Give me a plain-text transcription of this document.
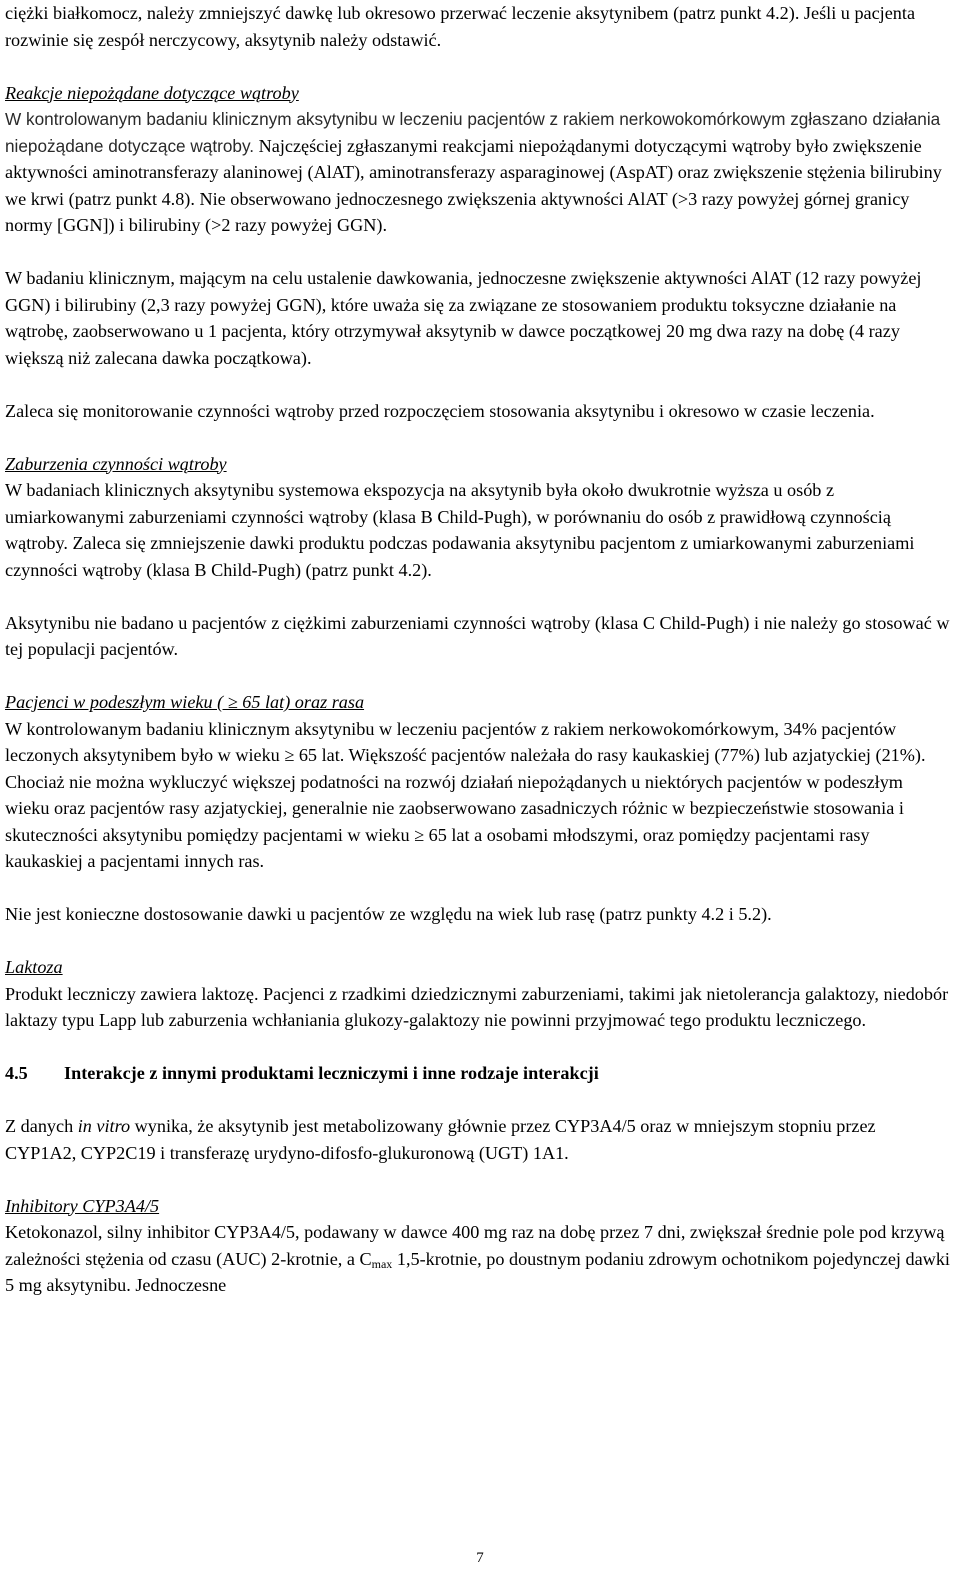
ciężki białkomocz, należy zmniejszyć dawkę lub okresowo przerwać leczenie aksytynibem (patrz punkt 4.2). Jeśli u pacjenta rozwinie się zespół nerczycowy, aksytynib należy odstawić.

Reakcje niepożądane dotyczące wątroby
W kontrolowanym badaniu klinicznym aksytynibu w leczeniu pacjentów z rakiem nerkowokomórkowym zgłaszano działania niepożądane dotyczące wątroby. Najczęściej zgłaszanymi reakcjami niepożądanymi dotyczącymi wątroby było zwiększenie aktywności aminotransferazy alaninowej (AlAT), aminotransferazy asparaginowej (AspAT) oraz zwiększenie stężenia bilirubiny we krwi (patrz punkt 4.8). Nie obserwowano jednoczesnego zwiększenia aktywności AlAT (>3 razy powyżej górnej granicy normy [GGN]) i bilirubiny (>2 razy powyżej GGN).

W badaniu klinicznym, mającym na celu ustalenie dawkowania, jednoczesne zwiększenie aktywności AlAT (12 razy powyżej GGN) i bilirubiny (2,3 razy powyżej GGN), które uważa się za związane ze stosowaniem produktu toksyczne działanie na wątrobę, zaobserwowano u 1 pacjenta, który otrzymywał aksytynib w dawce początkowej 20 mg dwa razy na dobę (4 razy większą niż zalecana dawka początkowa).

Zaleca się monitorowanie czynności wątroby przed rozpoczęciem stosowania aksytynibu i okresowo w czasie leczenia.

Zaburzenia czynności wątroby
W badaniach klinicznych aksytynibu systemowa ekspozycja na aksytynib była około dwukrotnie wyższa u osób z umiarkowanymi zaburzeniami czynności wątroby (klasa B Child-Pugh), w porównaniu do osób z prawidłową czynnością wątroby. Zaleca się zmniejszenie dawki produktu podczas podawania aksytynibu pacjentom z umiarkowanymi zaburzeniami czynności wątroby (klasa B Child-Pugh) (patrz punkt 4.2).

Aksytynibu nie badano u pacjentów z ciężkimi zaburzeniami czynności wątroby (klasa C Child-Pugh) i nie należy go stosować w tej populacji pacjentów.

Pacjenci w podeszłym wieku ( ≥ 65 lat) oraz rasa
W kontrolowanym badaniu klinicznym aksytynibu w leczeniu pacjentów z rakiem nerkowokomórkowym, 34% pacjentów leczonych aksytynibem było w wieku ≥ 65 lat. Większość pacjentów należała do rasy kaukaskiej (77%) lub azjatyckiej (21%). Chociaż nie można wykluczyć większej podatności na rozwój działań niepożądanych u niektórych pacjentów w podeszłym wieku oraz pacjentów rasy azjatyckiej, generalnie nie zaobserwowano zasadniczych różnic w bezpieczeństwie stosowania i skuteczności aksytynibu pomiędzy pacjentami w wieku ≥ 65 lat a osobami młodszymi, oraz pomiędzy pacjentami rasy kaukaskiej a pacjentami innych ras.

Nie jest konieczne dostosowanie dawki u pacjentów ze względu na wiek lub rasę (patrz punkty 4.2 i 5.2).

Laktoza
Produkt leczniczy zawiera laktozę. Pacjenci z rzadkimi dziedzicznymi zaburzeniami, takimi jak nietolerancja galaktozy, niedobór laktazy typu Lapp lub zaburzenia wchłaniania glukozy-galaktozy nie powinni przyjmować tego produktu leczniczego.
4.5	Interakcje z innymi produktami leczniczymi i inne rodzaje interakcji

Z danych in vitro wynika, że aksytynib jest metabolizowany głównie przez CYP3A4/5 oraz w mniejszym stopniu przez CYP1A2, CYP2C19 i transferazę urydyno-difosfo-glukuronową (UGT) 1A1.

Inhibitory CYP3A4/5
Ketokonazol, silny inhibitor CYP3A4/5, podawany w dawce 400 mg raz na dobę przez 7 dni, zwiększał średnie pole pod krzywą zależności stężenia od czasu (AUC) 2-krotnie, a $C_{max}$ 1,5-krotnie, po doustnym podaniu zdrowym ochotnikom pojedynczej dawki 5 mg aksytynibu. Jednoczesne
7
